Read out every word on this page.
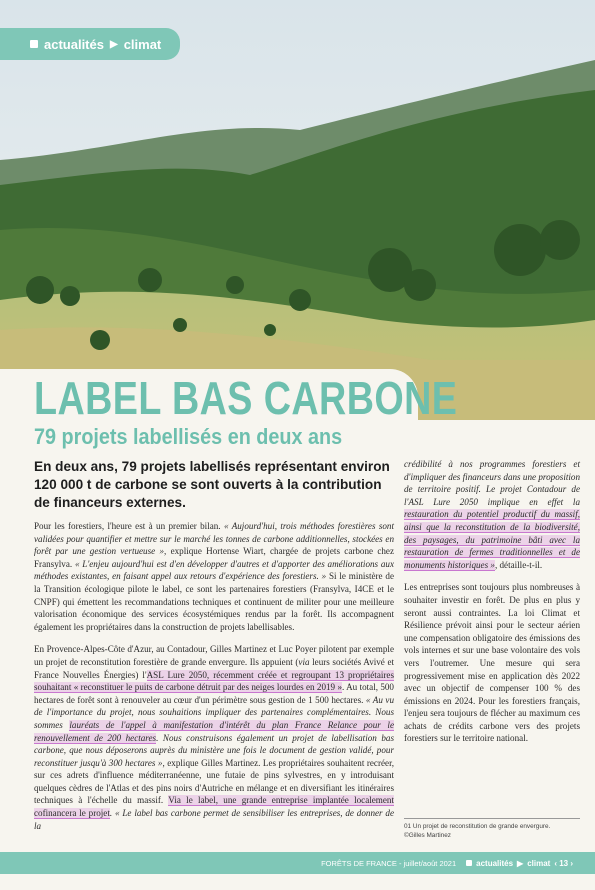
actualités ▶ climat
LABEL BAS CARBONE
79 projets labellisés en deux ans
En deux ans, 79 projets labellisés représentant environ 120 000 t de carbone se sont ouverts à la contribution de financeurs externes.

Pour les forestiers, l'heure est à un premier bilan. « Aujourd'hui, trois méthodes forestières sont validées pour quantifier et mettre sur le marché les tonnes de carbone additionnelles, stockées en forêt par une gestion vertueuse », explique Hortense Wiart, chargée de projets carbone chez Fransylva. « L'enjeu aujourd'hui est d'en développer d'autres et d'apporter des améliorations aux méthodes existantes, en faisant appel aux retours d'expérience des forestiers. » Si le ministère de la Transition écologique pilote le label, ce sont les partenaires forestiers (Fransylva, I4CE et le CNPF) qui émettent les recommandations techniques et continuent de militer pour une meilleure valorisation économique des services écosystémiques rendus par la forêt. Ils accompagnent également les propriétaires dans la construction de projets labellisables.

En Provence-Alpes-Côte d'Azur, au Contadour, Gilles Martinez et Luc Poyer pilotent par exemple un projet de reconstitution forestière de grande envergure. Ils appuient (via leurs sociétés Avivé et France Nouvelles Énergies) l'ASL Lure 2050, récemment créée et regroupant 13 propriétaires souhaitant « reconstituer le puits de carbone détruit par des neiges lourdes en 2019 ». Au total, 500 hectares de forêt sont à renouveler au cœur d'un périmètre sous gestion de 1 500 hectares. « Au vu de l'importance du projet, nous souhaitions impliquer des partenaires complémentaires. Nous sommes lauréats de l'appel à manifestation d'intérêt du plan France Relance pour le renouvellement de 200 hectares. Nous construisons également un projet de labellisation bas carbone, que nous déposerons auprès du ministère une fois le document de gestion validé, pour reconstituer jusqu'à 300 hectares », explique Gilles Martinez. Les propriétaires souhaitent recréer, sur ces adrets d'influence méditerranéenne, une futaie de pins sylvestres, en y introduisant quelques cèdres de l'Atlas et des pins noirs d'Autriche en mélange et en diversifiant les itinéraires techniques à l'échelle du massif. Via le label, une grande entreprise implantée localement cofinancera le projet. « Le label bas carbone permet de sensibiliser les entreprises, de donner de la

crédibilité à nos programmes forestiers et d'impliquer des financeurs dans une proposition de territoire positif. Le projet Contadour de l'ASL Lure 2050 implique en effet la restauration du potentiel productif du massif, ainsi que la reconstitution de la biodiversité, des paysages, du patrimoine bâti avec la restauration de fermes traditionnelles et de monuments historiques », détaille-t-il.

Les entreprises sont toujours plus nombreuses à souhaiter investir en forêt. De plus en plus y seront aussi contraintes. La loi Climat et Résilience prévoit ainsi pour le secteur aérien une compensation obligatoire des émissions des vols internes et sur une base volontaire des vols vers l'outremer. Une mesure qui sera progressivement mise en application dès 2022 avec un objectif de compenser 100 % des émissions en 2024. Pour les forestiers français, l'enjeu sera toujours de flécher au maximum ces achats de crédits carbone vers des projets forestiers sur le territoire national.

01 Un projet de reconstitution de grande envergure.
©Gilles Martinez
FORÊTS DE FRANCE - juillet/août 2021	actualités ▶ climat ‹ 13 ›
